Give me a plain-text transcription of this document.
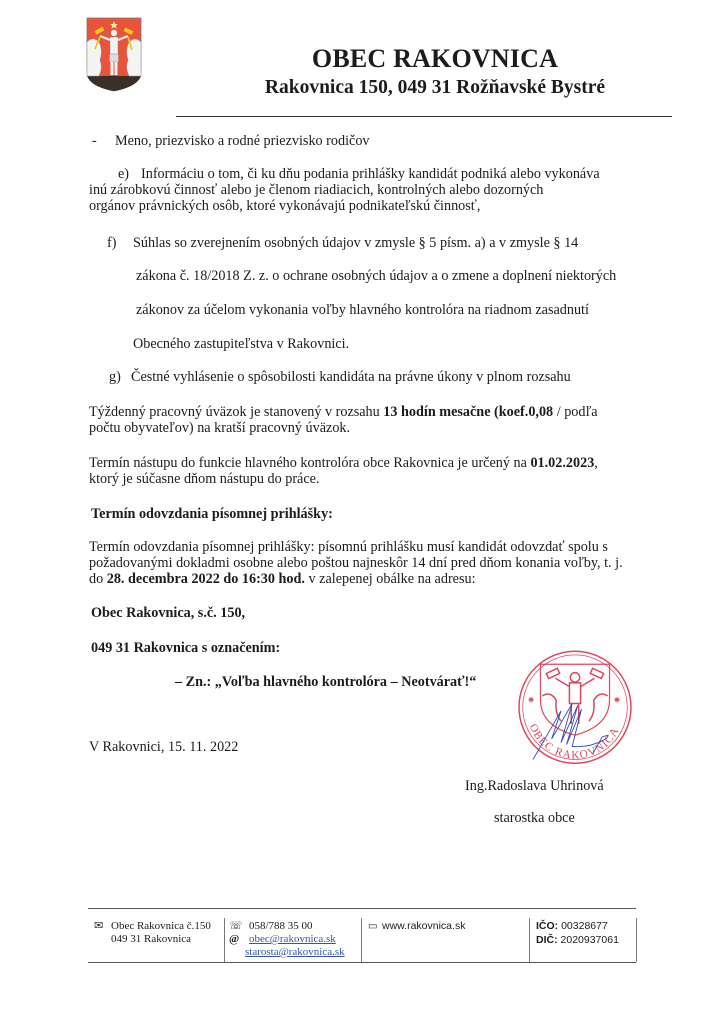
OBEC RAKOVNICA
Rakovnica 150, 049 31 Rožňavské Bystré
- Meno, priezvisko a rodné priezvisko rodičov
e) Informáciu o tom, či ku dňu podania prihlášky kandidát podniká alebo vykonáva
inú zárobkovú činnosť alebo je členom riadiacich, kontrolných alebo dozorných
orgánov právnických osôb, ktoré vykonávajú podnikateľskú činnosť,
f) Súhlas so zverejnením osobných údajov v zmysle § 5 písm. a) a v zmysle § 14
zákona č. 18/2018 Z. z. o ochrane osobných údajov a o zmene a doplnení niektorých
zákonov za účelom vykonania voľby hlavného kontrolóra na riadnom zasadnutí
Obecného zastupiteľstva v Rakovnici.
g) Čestné vyhlásenie o spôsobilosti kandidáta na právne úkony v plnom rozsahu
Týždenný pracovný úväzok je stanovený v rozsahu 13 hodín mesačne (koef.0,08 / podľa
počtu obyvateľov) na kratší pracovný úväzok.
Termín nástupu do funkcie hlavného kontrolóra obce Rakovnica je určený na 01.02.2023,
ktorý je súčasne dňom nástupu do práce.
Termín odovzdania písomnej prihlášky:
Termín odovzdania písomnej prihlášky: písomnú prihlášku musí kandidát odovzdať spolu s
požadovanými dokladmi osobne alebo poštou najneskôr 14 dní pred dňom konania voľby, t. j.
do 28. decembra 2022 do 16:30 hod. v zalepenej obálke na adresu:
Obec Rakovnica, s.č. 150,
049 31 Rakovnica s označením:
– Zn.: „Voľba hlavného kontrolóra – Neotvárať!“
V Rakovnici, 15. 11. 2022
OBEC RAKOVNICA
Ing.Radoslava Uhrinová
starostka obce
✉ Obec Rakovnica č.150
049 31 Rakovnica
☏ 058/788 35 00
@ obec@rakovnica.sk
starosta@rakovnica.sk
▭ www.rakovnica.sk	IČO: 00328677
DIČ: 2020937061
